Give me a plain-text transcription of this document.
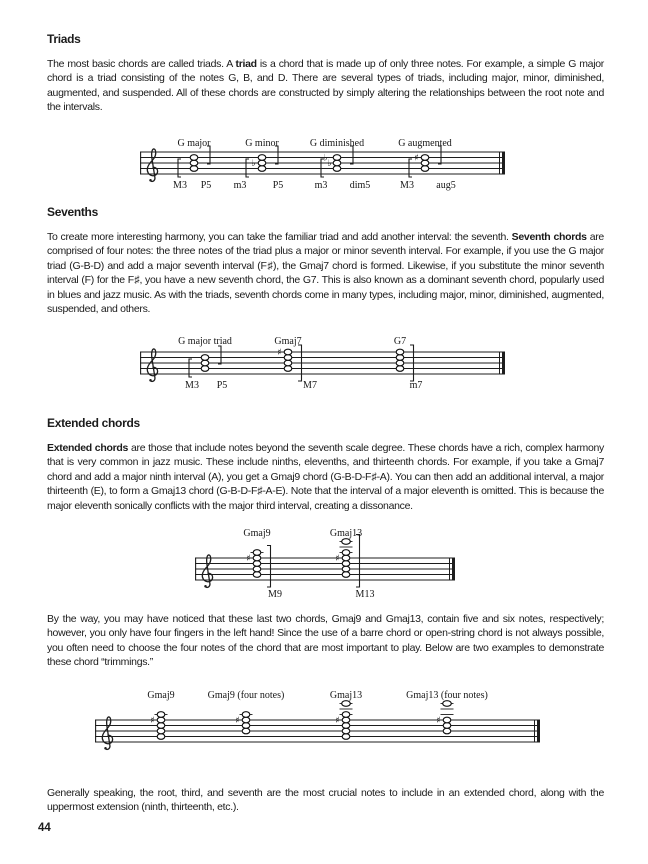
Triads
The most basic chords are called triads. A triad is a chord that is made up of only three notes. For example, a simple G major chord is a triad consisting of the notes G, B, and D. There are several types of triads, including major, minor, diminished, augmented, and suspended. All of these chords are constructed by simply altering the relationships between the root note and the intervals.
Sevenths
To create more interesting harmony, you can take the familiar triad and add another interval: the seventh. Seventh chords are comprised of four notes: the three notes of the triad plus a major or minor seventh interval. For example, if you use the G major triad (G-B-D) and add a major seventh interval (F♯), the Gmaj7 chord is formed. Likewise, if you substitute the minor seventh interval (F) for the F♯, you have a new seventh chord, the G7. This is also known as a dominant seventh chord, popularly used in blues and jazz music. As with the triads, seventh chords come in many types, including major, minor, diminished, augmented, suspended, and others.
Extended chords
Extended chords are those that include notes beyond the seventh scale degree. These chords have a rich, complex harmony that is very common in jazz music. These include ninths, elevenths, and thirteenth chords. For example, if you take a Gmaj7 chord and add a major ninth interval (A), you get a Gmaj9 chord (G-B-D-F♯-A). You can then add an additional interval, a major thirteenth (E), to form a Gmaj13 chord (G-B-D-F♯-A-E). Note that the interval of a major eleventh is omitted. This is because the major eleventh sonically conflicts with the major third interval, creating a dissonance.
By the way, you may have noticed that these last two chords, Gmaj9 and Gmaj13, contain five and six notes, respectively; however, you only have four fingers in the left hand! Since the use of a barre chord or open-string chord is not always possible, you often need to choose the four notes of the chord that are most important to play. Below are two examples to demonstrate these chord “trimmings.”
Generally speaking, the root, third, and seventh are the most crucial notes to include in an extended chord, along with the uppermost extension (ninth, thirteenth, etc.).
G major
M3 P5
♭
G minor
m3	P5
♭
♭
G diminished
m3 dim5
♯
G augmented
M3 aug5
G major triad
M3 P5
♯
Gmaj7
M7
G7
m7
♯
Gmaj9
M9
♯
Gmaj13
M13
♯
Gmaj9
♯
Gmaj9 (four notes)
♯
Gmaj13
♯
Gmaj13 (four notes)
44
